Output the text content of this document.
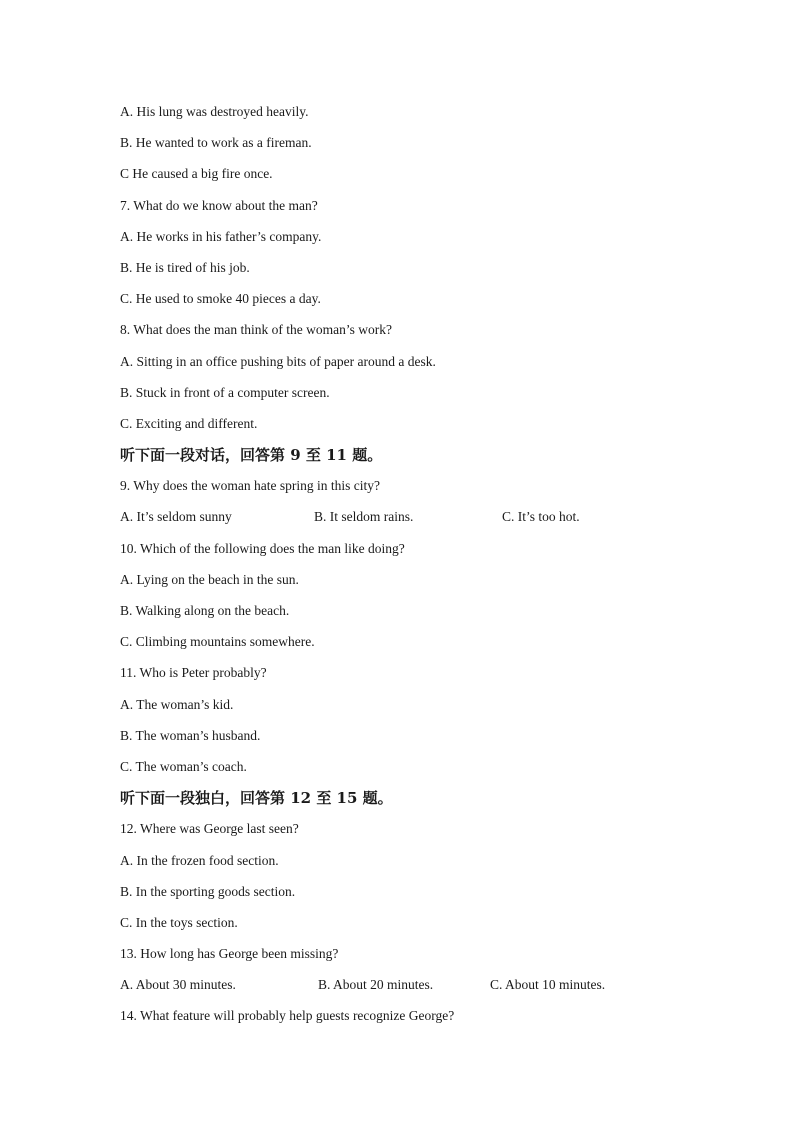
A. His lung was destroyed heavily.
B. He wanted to work as a fireman.
C He caused a big fire once.
7. What do we know about the man?
A. He works in his father’s company.
B. He is tired of his job.
C. He used to smoke 40 pieces a day.
8. What does the man think of the woman’s work?
A. Sitting in an office pushing bits of paper around a desk.
B. Stuck in front of a computer screen.
C. Exciting and different.
听下面一段对话，回答第 9 至 11 题。
9. Why does the woman hate spring in this city?
A. It’s seldom sunny	B. It seldom rains.	C. It’s too hot.
10. Which of the following does the man like doing?
A. Lying on the beach in the sun.
B. Walking along on the beach.
C. Climbing mountains somewhere.
11. Who is Peter probably?
A. The woman’s kid.
B. The woman’s husband.
C. The woman’s coach.
听下面一段独白，回答第 12 至 15 题。
12. Where was George last seen?
A. In the frozen food section.
B. In the sporting goods section.
C. In the toys section.
13. How long has George been missing?
A. About 30 minutes.	B. About 20 minutes.	C. About 10 minutes.
14. What feature will probably help guests recognize George?
